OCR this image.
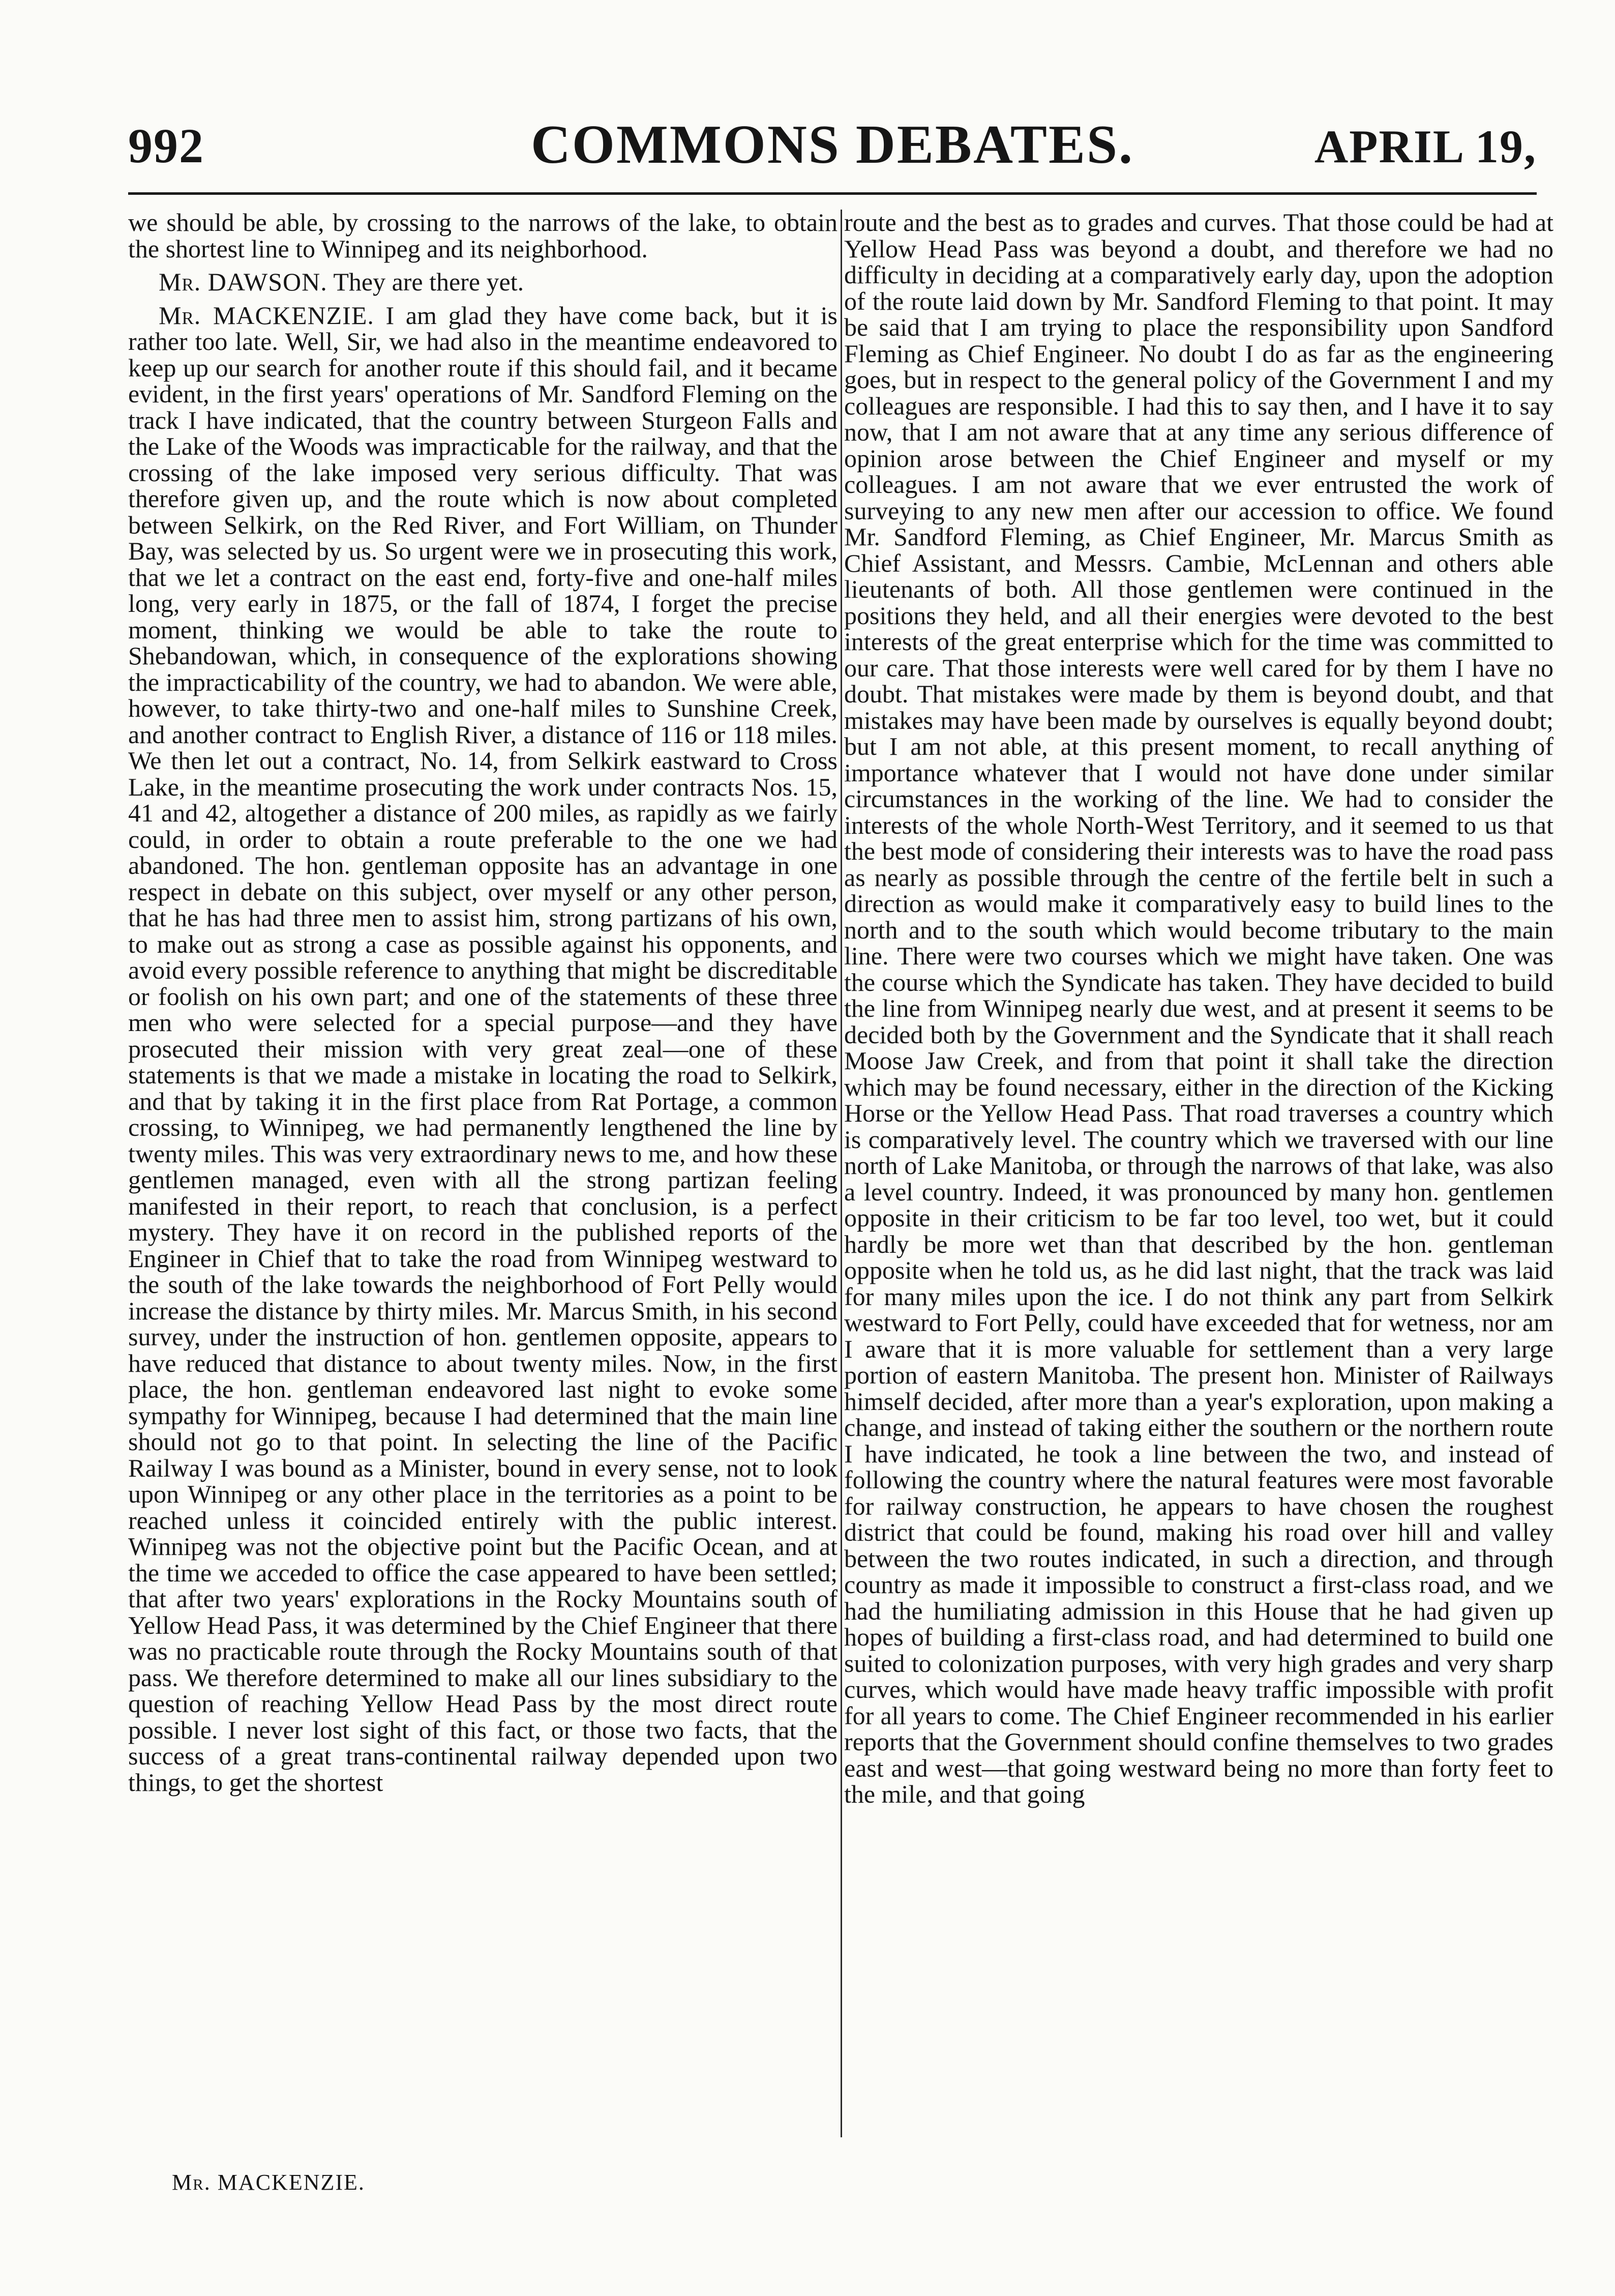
992	COMMONS DEBATES.	APRIL 19,

we should be able, by crossing to the narrows of the lake, to obtain the shortest line to Winnipeg and its neighborhood.

Mr. DAWSON. They are there yet.

Mr. MACKENZIE. I am glad they have come back, but it is rather too late. Well, Sir, we had also in the meantime endeavored to keep up our search for another route if this should fail, and it became evident, in the first years' operations of Mr. Sandford Fleming on the track I have indicated, that the country between Sturgeon Falls and the Lake of the Woods was impracticable for the railway, and that the crossing of the lake imposed very serious difficulty. That was therefore given up, and the route which is now about completed between Selkirk, on the Red River, and Fort William, on Thunder Bay, was selected by us. So urgent were we in prosecuting this work, that we let a contract on the east end, forty-five and one-half miles long, very early in 1875, or the fall of 1874, I forget the precise moment, thinking we would be able to take the route to Shebandowan, which, in consequence of the explorations showing the impracticability of the country, we had to abandon. We were able, however, to take thirty-two and one-half miles to Sunshine Creek, and another contract to English River, a distance of 116 or 118 miles. We then let out a contract, No. 14, from Selkirk eastward to Cross Lake, in the meantime prosecuting the work under contracts Nos. 15, 41 and 42, altogether a distance of 200 miles, as rapidly as we fairly could, in order to obtain a route preferable to the one we had abandoned. The hon. gentleman opposite has an advantage in one respect in debate on this subject, over myself or any other person, that he has had three men to assist him, strong partizans of his own, to make out as strong a case as possible against his opponents, and avoid every possible reference to anything that might be discreditable or foolish on his own part; and one of the statements of these three men who were selected for a special purpose—and they have prosecuted their mission with very great zeal—one of these statements is that we made a mistake in locating the road to Selkirk, and that by taking it in the first place from Rat Portage, a common crossing, to Winnipeg, we had permanently lengthened the line by twenty miles. This was very extraordinary news to me, and how these gentlemen managed, even with all the strong partizan feeling manifested in their report, to reach that conclusion, is a perfect mystery. They have it on record in the published reports of the Engineer in Chief that to take the road from Winnipeg westward to the south of the lake towards the neighborhood of Fort Pelly would increase the distance by thirty miles. Mr. Marcus Smith, in his second survey, under the instruction of hon. gentlemen opposite, appears to have reduced that distance to about twenty miles. Now, in the first place, the hon. gentleman endeavored last night to evoke some sympathy for Winnipeg, because I had determined that the main line should not go to that point. In selecting the line of the Pacific Railway I was bound as a Minister, bound in every sense, not to look upon Winnipeg or any other place in the territories as a point to be reached unless it coincided entirely with the public interest. Winnipeg was not the objective point but the Pacific Ocean, and at the time we acceded to office the case appeared to have been settled; that after two years' explorations in the Rocky Mountains south of Yellow Head Pass, it was determined by the Chief Engineer that there was no practicable route through the Rocky Mountains south of that pass. We therefore determined to make all our lines subsidiary to the question of reaching Yellow Head Pass by the most direct route possible. I never lost sight of this fact, or those two facts, that the success of a great trans-continental railway depended upon two things, to get the shortest

route and the best as to grades and curves. That those could be had at Yellow Head Pass was beyond a doubt, and therefore we had no difficulty in deciding at a comparatively early day, upon the adoption of the route laid down by Mr. Sandford Fleming to that point. It may be said that I am trying to place the responsibility upon Sandford Fleming as Chief Engineer. No doubt I do as far as the engineering goes, but in respect to the general policy of the Government I and my colleagues are responsible. I had this to say then, and I have it to say now, that I am not aware that at any time any serious difference of opinion arose between the Chief Engineer and myself or my colleagues. I am not aware that we ever entrusted the work of surveying to any new men after our accession to office. We found Mr. Sandford Fleming, as Chief Engineer, Mr. Marcus Smith as Chief Assistant, and Messrs. Cambie, McLennan and others able lieutenants of both. All those gentlemen were continued in the positions they held, and all their energies were devoted to the best interests of the great enterprise which for the time was committed to our care. That those interests were well cared for by them I have no doubt. That mistakes were made by them is beyond doubt, and that mistakes may have been made by ourselves is equally beyond doubt; but I am not able, at this present moment, to recall anything of importance whatever that I would not have done under similar circumstances in the working of the line. We had to consider the interests of the whole North-West Territory, and it seemed to us that the best mode of considering their interests was to have the road pass as nearly as possible through the centre of the fertile belt in such a direction as would make it comparatively easy to build lines to the north and to the south which would become tributary to the main line. There were two courses which we might have taken. One was the course which the Syndicate has taken. They have decided to build the line from Winnipeg nearly due west, and at present it seems to be decided both by the Government and the Syndicate that it shall reach Moose Jaw Creek, and from that point it shall take the direction which may be found necessary, either in the direction of the Kicking Horse or the Yellow Head Pass. That road traverses a country which is comparatively level. The country which we traversed with our line north of Lake Manitoba, or through the narrows of that lake, was also a level country. Indeed, it was pronounced by many hon. gentlemen opposite in their criticism to be far too level, too wet, but it could hardly be more wet than that described by the hon. gentleman opposite when he told us, as he did last night, that the track was laid for many miles upon the ice. I do not think any part from Selkirk westward to Fort Pelly, could have exceeded that for wetness, nor am I aware that it is more valuable for settlement than a very large portion of eastern Manitoba. The present hon. Minister of Railways himself decided, after more than a year's exploration, upon making a change, and instead of taking either the southern or the northern route I have indicated, he took a line between the two, and instead of following the country where the natural features were most favorable for railway construction, he appears to have chosen the roughest district that could be found, making his road over hill and valley between the two routes indicated, in such a direction, and through country as made it impossible to construct a first-class road, and we had the humiliating admission in this House that he had given up hopes of building a first-class road, and had determined to build one suited to colonization purposes, with very high grades and very sharp curves, which would have made heavy traffic impossible with profit for all years to come. The Chief Engineer recommended in his earlier reports that the Government should confine themselves to two grades east and west—that going westward being no more than forty feet to the mile, and that going

Mr. MACKENZIE.
